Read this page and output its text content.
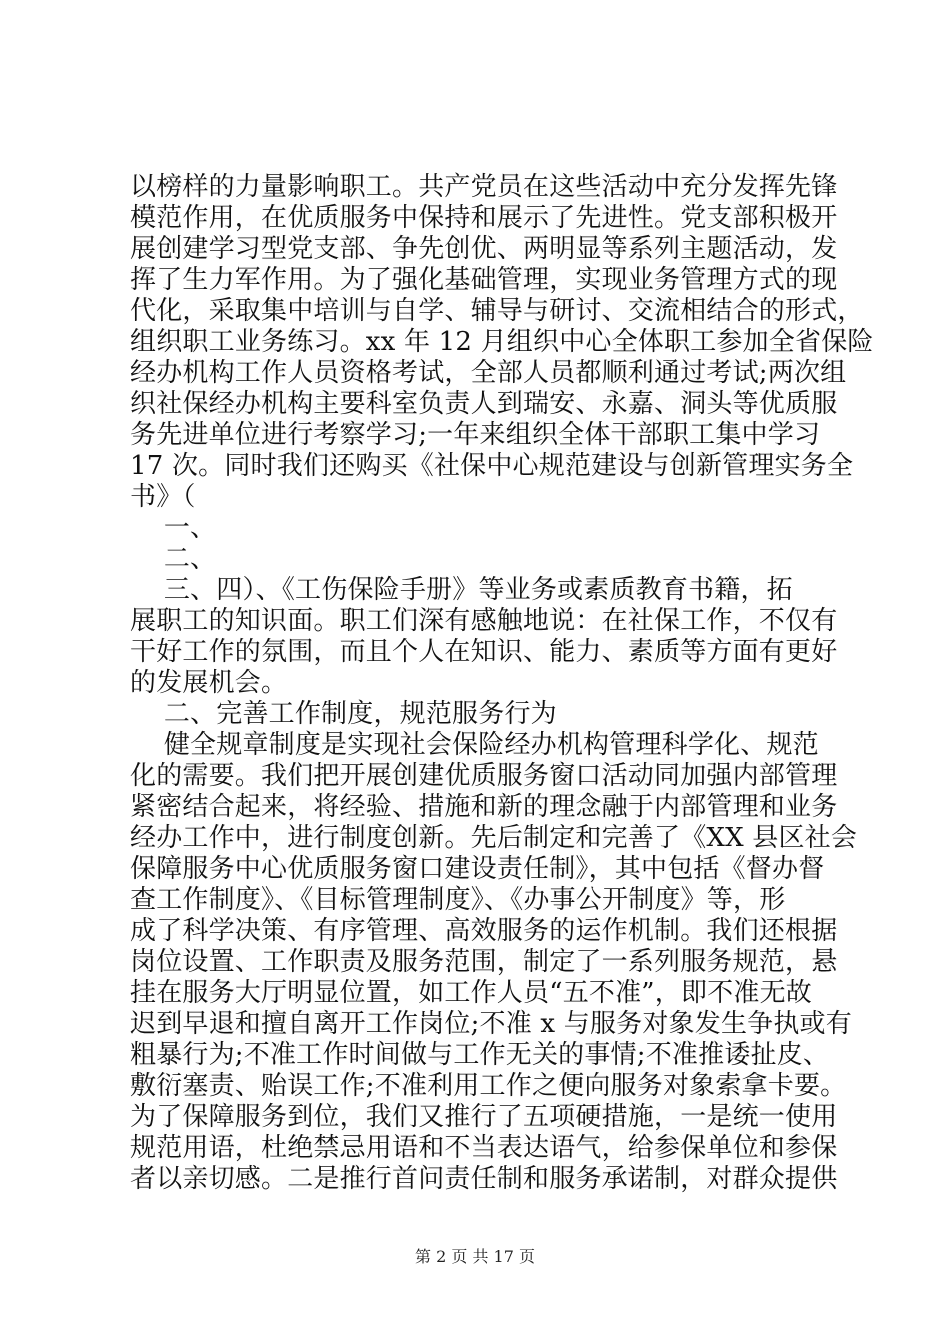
以榜样的力量影响职工。共产党员在这些活动中充分发挥先锋
模范作用，在优质服务中保持和展示了先进性。党支部积极开
展创建学习型党支部、争先创优、两明显等系列主题活动，发
挥了生力军作用。为了强化基础管理，实现业务管理方式的现
代化，采取集中培训与自学、辅导与研讨、交流相结合的形式，
组织职工业务练习。xx 年 12 月组织中心全体职工参加全省保险
经办机构工作人员资格考试，全部人员都顺利通过考试;两次组
织社保经办机构主要科室负责人到瑞安、永嘉、洞头等优质服
务先进单位进行考察学习;一年来组织全体干部职工集中学习
17 次。同时我们还购买《社保中心规范建设与创新管理实务全
书》（
一、
二、
三、四）、《工伤保险手册》等业务或素质教育书籍，拓
展职工的知识面。职工们深有感触地说：在社保工作，不仅有
干好工作的氛围，而且个人在知识、能力、素质等方面有更好
的发展机会。
二、完善工作制度，规范服务行为
健全规章制度是实现社会保险经办机构管理科学化、规范
化的需要。我们把开展创建优质服务窗口活动同加强内部管理
紧密结合起来，将经验、措施和新的理念融于内部管理和业务
经办工作中，进行制度创新。先后制定和完善了《XX 县区社会
保障服务中心优质服务窗口建设责任制》，其中包括《督办督
查工作制度》、《目标管理制度》、《办事公开制度》等，形
成了科学决策、有序管理、高效服务的运作机制。我们还根据
岗位设置、工作职责及服务范围，制定了一系列服务规范，悬
挂在服务大厅明显位置，如工作人员“五不准”，即不准无故
迟到早退和擅自离开工作岗位;不准 x 与服务对象发生争执或有
粗暴行为;不准工作时间做与工作无关的事情;不准推诿扯皮、
敷衍塞责、贻误工作;不准利用工作之便向服务对象索拿卡要。
为了保障服务到位，我们又推行了五项硬措施，一是统一使用
规范用语，杜绝禁忌用语和不当表达语气，给参保单位和参保
者以亲切感。二是推行首问责任制和服务承诺制，对群众提供
第 2 页 共 17 页
